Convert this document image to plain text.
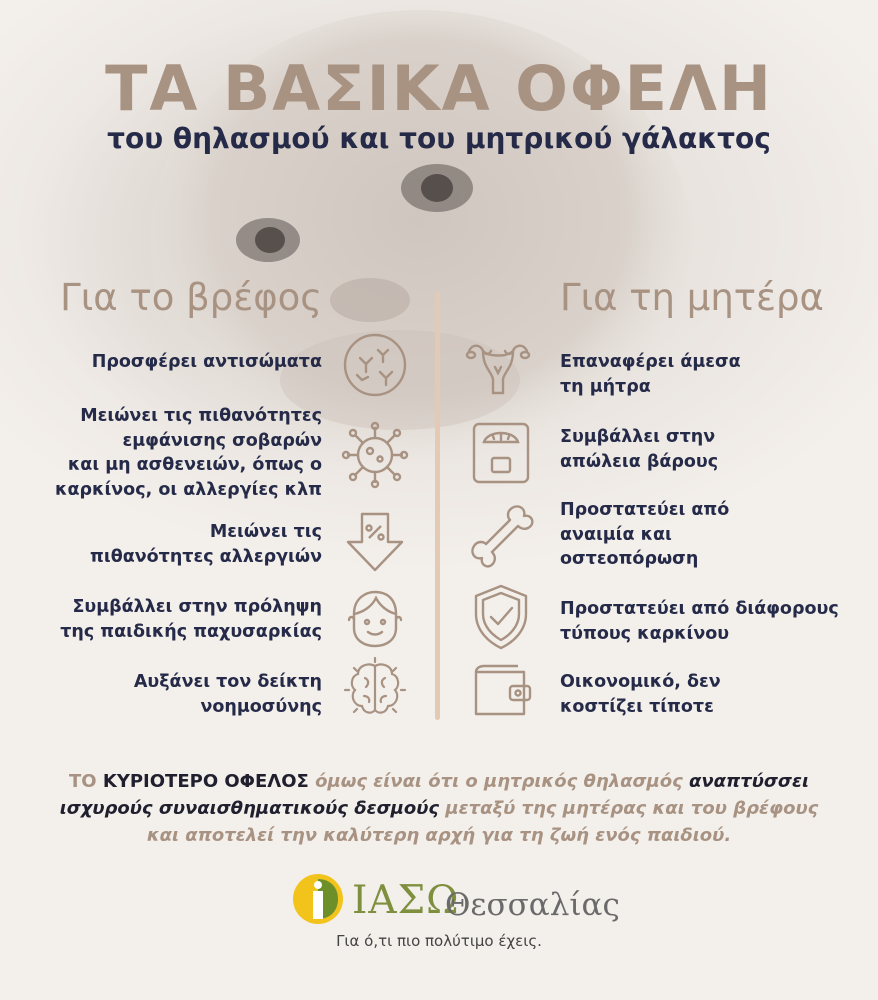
ΤΑ ΒΑΣΙΚΑ ΟΦΕΛΗ
του θηλασμού και του μητρικού γάλακτος
Για το βρέφος	Για τη μητέρα
Προσφέρει αντισώματα
Μειώνει τις πιθανότητες
εμφάνισης σοβαρών
και μη ασθενειών, όπως ο
καρκίνος, οι αλλεργίες κλπ
Μειώνει τις
πιθανότητες αλλεργιών
Συμβάλλει στην πρόληψη
της παιδικής παχυσαρκίας
Αυξάνει τον δείκτη
νοημοσύνης
Επαναφέρει άμεσα
τη μήτρα
Συμβάλλει στην
απώλεια βάρους
Προστατεύει από
αναιμία και
οστεοπόρωση
Προστατεύει από διάφορους
τύπους καρκίνου
Οικονομικό, δεν
κοστίζει τίποτε
ΤΟ ΚΥΡΙΟΤΕΡΟ ΟΦΕΛΟΣ όμως είναι ότι ο μητρικός θηλασμός αναπτύσσει
ισχυρούς συναισθηματικούς δεσμούς μεταξύ της μητέρας και του βρέφους
και αποτελεί την καλύτερη αρχή για τη ζωή ενός παιδιού.
ΙΑΣΩ
Θεσσαλίας
Για ό,τι πιο πολύτιμο έχεις.
